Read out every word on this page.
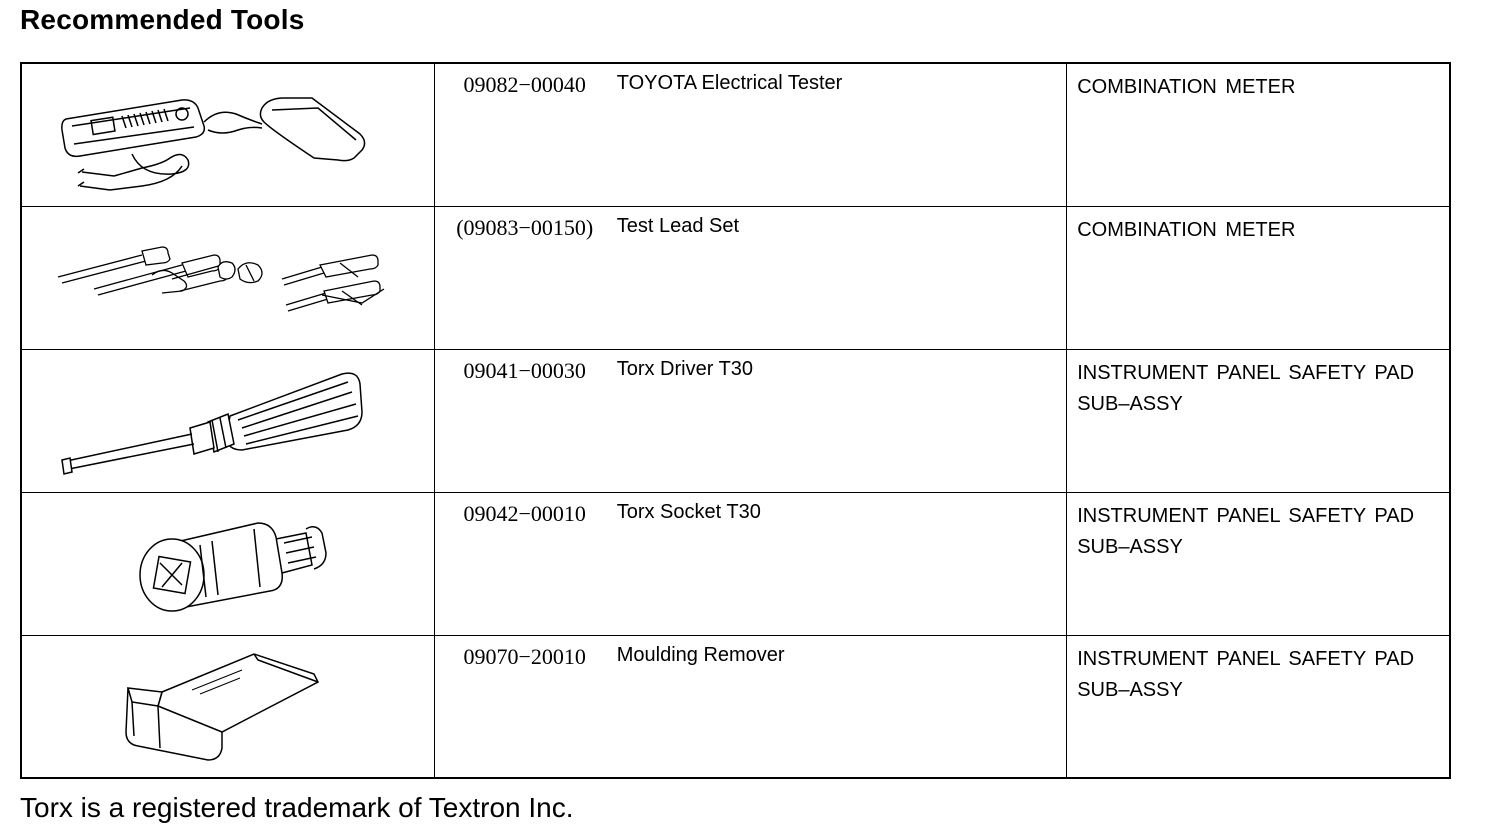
Recommended Tools
	09082−00040 TOYOTA Electrical Tester	COMBINATION METER

	(09083−00150) Test Lead Set	COMBINATION METER

	09041−00030 Torx Driver T30	INSTRUMENT PANEL SAFETY PAD
SUB–ASSY

	09042−00010 Torx Socket T30	INSTRUMENT PANEL SAFETY PAD
SUB–ASSY

	09070−20010 Moulding Remover	INSTRUMENT PANEL SAFETY PAD
SUB–ASSY
Torx is a registered trademark of Textron Inc.
